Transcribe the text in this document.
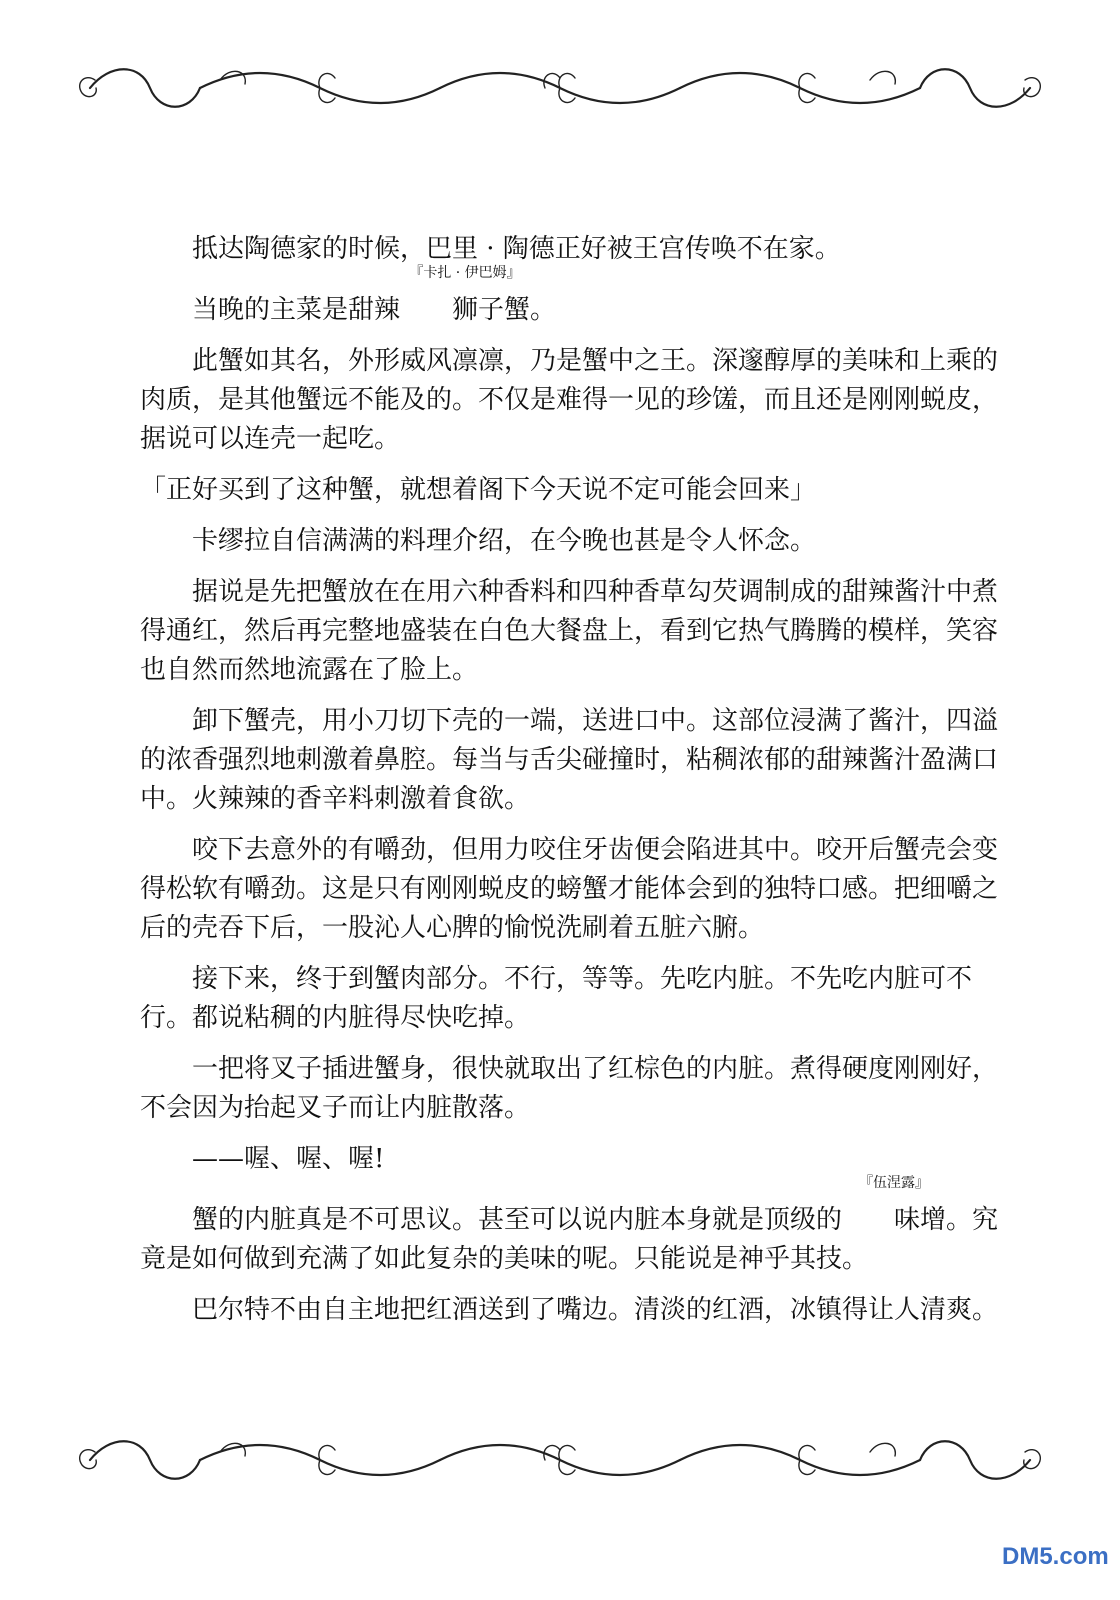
抵达陶德家的时候，巴里 · 陶德正好被王宫传唤不在家。

当晚的主菜是甜辣
『卡扎 · 伊巴姆』
狮子蟹。

此蟹如其名，外形威风凛凛，乃是蟹中之王。深邃醇厚的美味和上乘的肉质，是其他蟹远不能及的。不仅是难得一见的珍馐，而且还是刚刚蜕皮，据说可以连壳一起吃。

「正好买到了这种蟹，就想着阁下今天说不定可能会回来」

卡缪拉自信满满的料理介绍，在今晚也甚是令人怀念。

据说是先把蟹放在在用六种香料和四种香草勾芡调制成的甜辣酱汁中煮得通红，然后再完整地盛装在白色大餐盘上，看到它热气腾腾的模样，笑容也自然而然地流露在了脸上。

卸下蟹壳，用小刀切下壳的一端，送进口中。这部位浸满了酱汁，四溢的浓香强烈地刺激着鼻腔。每当与舌尖碰撞时，粘稠浓郁的甜辣酱汁盈满口中。火辣辣的香辛料刺激着食欲。

咬下去意外的有嚼劲，但用力咬住牙齿便会陷进其中。咬开后蟹壳会变得松软有嚼劲。这是只有刚刚蜕皮的螃蟹才能体会到的独特口感。把细嚼之后的壳吞下后，一股沁人心脾的愉悦洗刷着五脏六腑。

接下来，终于到蟹肉部分。不行，等等。先吃内脏。不先吃内脏可不行。都说粘稠的内脏得尽快吃掉。

一把将叉子插进蟹身，很快就取出了红棕色的内脏。煮得硬度刚刚好，不会因为抬起叉子而让内脏散落。

——喔、喔、喔!

蟹的内脏真是不可思议。甚至可以说内脏本身就是顶级的
『伍涅露』
味增。究竟是如何做到充满了如此复杂的美味的呢。只能说是神乎其技。

巴尔特不由自主地把红酒送到了嘴边。清淡的红酒，冰镇得让人清爽。

DM5.com
